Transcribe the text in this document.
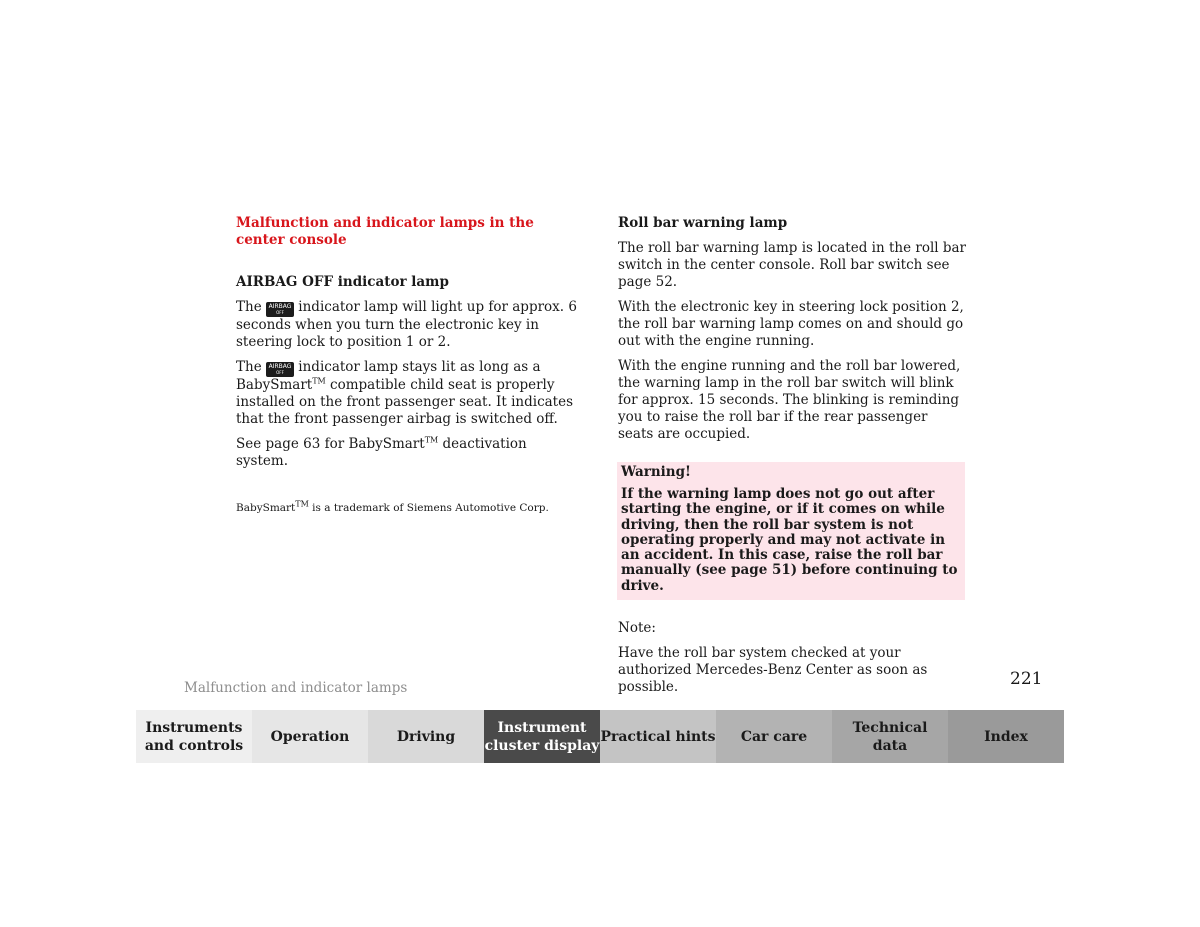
Malfunction and indicator lamps in the
center console
AIRBAG OFF indicator lamp

The AIRBAG
OFF	indicator lamp will light up for approx. 6 seconds when you turn the electronic key in steering lock to position 1 or 2.

The AIRBAG
OFF	indicator lamp stays lit as long as a BabySmart™ compatible child seat is properly installed on the front passenger seat. It indicates that the front passenger airbag is switched off.

See page 63 for BabySmart™ deactivation system.

BabySmart™ is a trademark of Siemens Automotive Corp.
Roll bar warning lamp

The roll bar warning lamp is located in the roll bar switch in the center console. Roll bar switch see
page 52.

With the electronic key in steering lock position 2, the roll bar warning lamp comes on and should go out with the engine running.

With the engine running and the roll bar lowered, the warning lamp in the roll bar switch will blink for approx. 15 seconds. The blinking is reminding you to raise the roll bar if the rear passenger seats are occupied.

Warning!
If the warning lamp does not go out after starting the engine, or if it comes on while driving, then the roll bar system is not operating properly and may not activate in an accident. In this case, raise the roll bar manually (see page 51) before continuing to drive.

Note:

Have the roll bar system checked at your authorized Mercedes-Benz Center as soon as possible.

Malfunction and indicator lamps	221
Instruments
and controls
Operation	Driving
Instrument
cluster display
Practical hints Car care
Technical
data
Index
